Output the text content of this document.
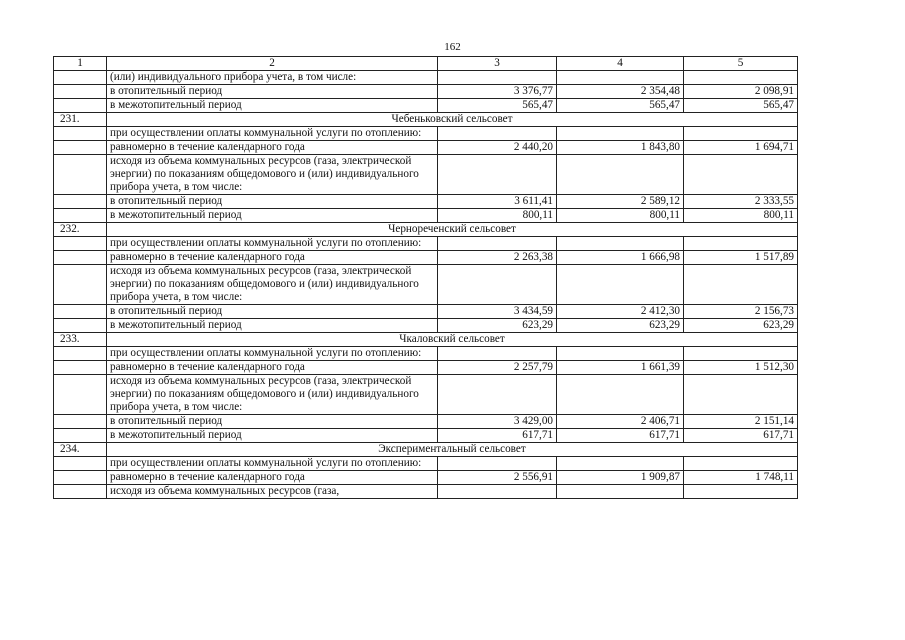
162
1	2	3	4	5
	(или) индивидуального прибора учета, в том числе:			
	в отопительный период	3 376,77	2 354,48	2 098,91
	в межотопительный период	565,47	565,47	565,47
231.	Чебеньковский сельсовет			
	при осуществлении оплаты коммунальной услуги по отоплению:			
	равномерно в течение календарного года	2 440,20	1 843,80	1 694,71
	исходя из объема коммунальных ресурсов (газа, электрической энергии) по показаниям общедомового и (или) индивидуального прибора учета, в том числе:			
	в отопительный период	3 611,41	2 589,12	2 333,55
	в межотопительный период	800,11	800,11	800,11
232.	Чернореченский сельсовет			
	при осуществлении оплаты коммунальной услуги по отоплению:			
	равномерно в течение календарного года	2 263,38	1 666,98	1 517,89
	исходя из объема коммунальных ресурсов (газа, электрической энергии) по показаниям общедомового и (или) индивидуального прибора учета, в том числе:			
	в отопительный период	3 434,59	2 412,30	2 156,73
	в межотопительный период	623,29	623,29	623,29
233.	Чкаловский сельсовет			
	при осуществлении оплаты коммунальной услуги по отоплению:			
	равномерно в течение календарного года	2 257,79	1 661,39	1 512,30
	исходя из объема коммунальных ресурсов (газа, электрической энергии) по показаниям общедомового и (или) индивидуального прибора учета, в том числе:			
	в отопительный период	3 429,00	2 406,71	2 151,14
	в межотопительный период	617,71	617,71	617,71
234.	Экспериментальный сельсовет			
	при осуществлении оплаты коммунальной услуги по отоплению:			
	равномерно в течение календарного года	2 556,91	1 909,87	1 748,11
	исходя из объема коммунальных ресурсов (газа,			
